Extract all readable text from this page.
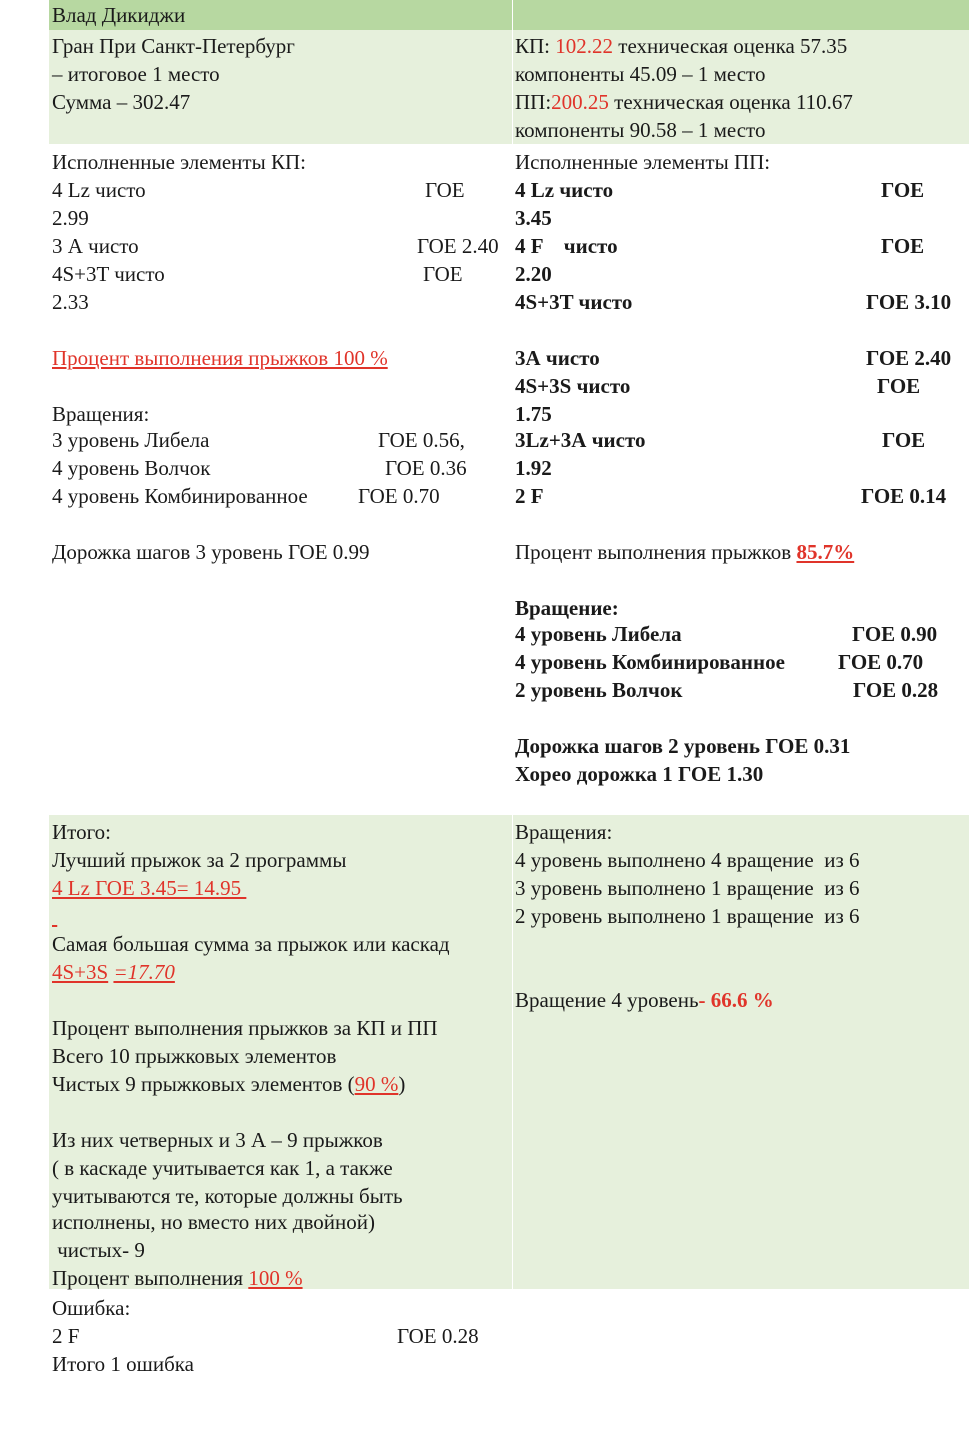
Влад Дикиджи
Гран При Санкт-Петербург
– итоговое 1 место
Сумма – 302.47
КП: 102.22 техническая оценка 57.35
компоненты 45.09 – 1 место
ПП:200.25 техническая оценка 110.67
компоненты 90.58 – 1 место
Исполненные элементы КП:
4 Lz чисто	ГОЕ
2.99
3 А чисто	ГОЕ 2.40
4S+3T чисто	ГОЕ
2.33
Процент выполнения прыжков 100 %
Вращения:
3 уровень Либела	ГОЕ 0.56,
4 уровень Волчок	ГОЕ 0.36
4 уровень Комбинированное ГОЕ 0.70
Дорожка шагов 3 уровень ГОЕ 0.99
Исполненные элементы ПП:
4 Lz чисто	ГОЕ
3.45
4 F    чисто	ГОЕ
2.20
4S+3T чисто	ГОЕ 3.10
3А чисто	ГОЕ 2.40
4S+3S чисто	ГОЕ
1.75
3Lz+3А чисто	ГОЕ
1.92
2 F	ГОЕ 0.14
Процент выполнения прыжков 85.7%
Вращение:
4 уровень Либела	ГОЕ 0.90
4 уровень Комбинированное	ГОЕ 0.70
2 уровень Волчок	ГОЕ 0.28
Дорожка шагов 2 уровень ГОЕ 0.31
Хорео дорожка 1 ГОЕ 1.30
Итого:
Лучший прыжок за 2 программы
4 Lz ГОЕ 3.45= 14.95

Самая большая сумма за прыжок или каскад
4S+3S =17.70
Процент выполнения прыжков за КП и ПП
Всего 10 прыжковых элементов
Чистых 9 прыжковых элементов (90 %)
Из них четверных и 3 А – 9 прыжков
( в каскаде учитывается как 1, а также
учитываются те, которые должны быть
исполнены, но вместо них двойной)
чистых- 9
Процент выполнения 100 %
Вращения:
4 уровень выполнено 4 вращение  из 6
3 уровень выполнено 1 вращение  из 6
2 уровень выполнено 1 вращение  из 6
Вращение 4 уровень- 66.6 %
Ошибка:
2 F	ГОЕ 0.28
Итого 1 ошибка
